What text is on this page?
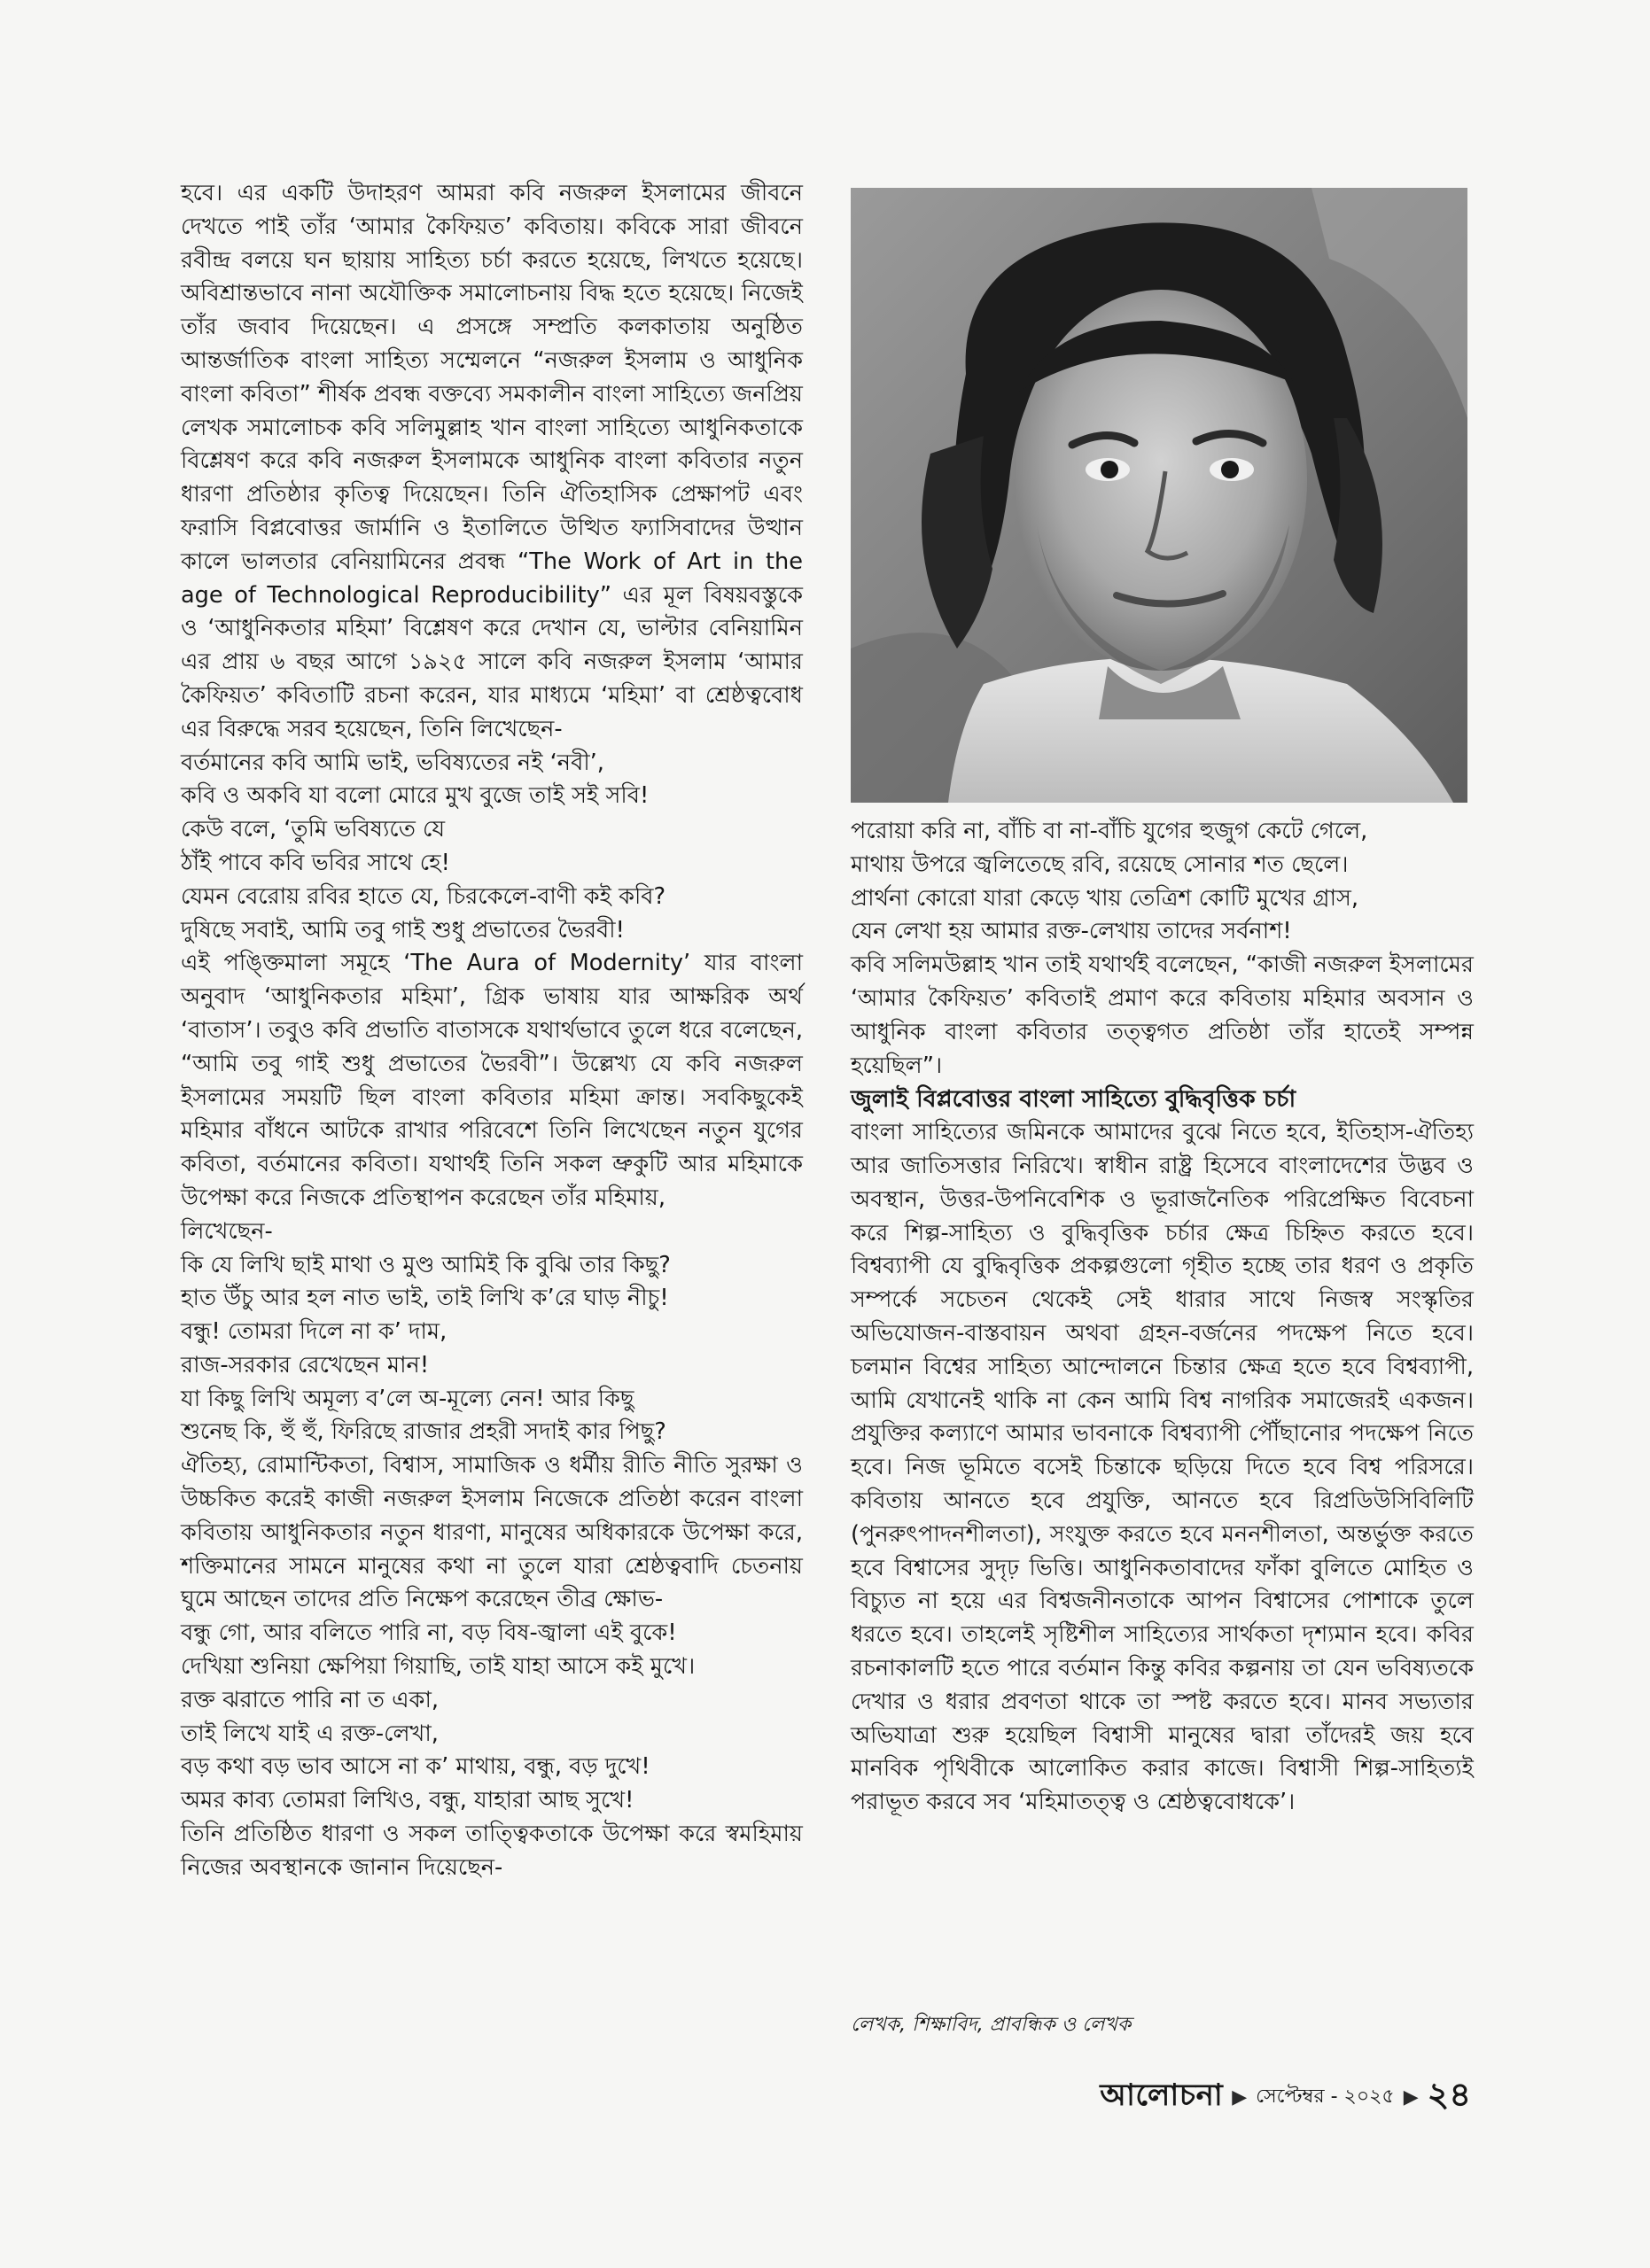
হবে। এর একটি উদাহরণ আমরা কবি নজরুল ইসলামের জীবনে দেখতে পাই তাঁর ‘আমার কৈফিয়ত’ কবিতায়। কবিকে সারা জীবনে রবীন্দ্র বলয়ে ঘন ছায়ায় সাহিত্য চর্চা করতে হয়েছে, লিখতে হয়েছে। অবিশ্রান্তভাবে নানা অযৌক্তিক সমালোচনায় বিদ্ধ হতে হয়েছে। নিজেই তাঁর জবাব দিয়েছেন। এ প্রসঙ্গে সম্প্রতি কলকাতায় অনুষ্ঠিত আন্তর্জাতিক বাংলা সাহিত্য সম্মেলনে “নজরুল ইসলাম ও আধুনিক বাংলা কবিতা” শীর্ষক প্রবন্ধ বক্তব্যে সমকালীন বাংলা সাহিত্যে জনপ্রিয় লেখক সমালোচক কবি সলিমুল্লাহ খান বাংলা সাহিত্যে আধুনিকতাকে বিশ্লেষণ করে কবি নজরুল ইসলামকে আধুনিক বাংলা কবিতার নতুন ধারণা প্রতিষ্ঠার কৃতিত্ব দিয়েছেন। তিনি ঐতিহাসিক প্রেক্ষাপট এবং ফরাসি বিপ্লবোত্তর জার্মানি ও ইতালিতে উত্থিত ফ্যাসিবাদের উত্থান কালে ভালতার বেনিয়ামিনের প্রবন্ধ “The Work of Art in the age of Technological Reproducibility” এর মূল বিষয়বস্তুকে ও ‘আধুনিকতার মহিমা’ বিশ্লেষণ করে দেখান যে, ভাল্টার বেনিয়ামিন এর প্রায় ৬ বছর আগে ১৯২৫ সালে কবি নজরুল ইসলাম ‘আমার কৈফিয়ত’ কবিতাটি রচনা করেন, যার মাধ্যমে ‘মহিমা’ বা শ্রেষ্ঠত্ববোধ এর বিরুদ্ধে সরব হয়েছেন, তিনি লিখেছেন-

বর্তমানের কবি আমি ভাই, ভবিষ্যতের নই ‘নবী’,

কবি ও অকবি যা বলো মোরে মুখ বুজে তাই সই সবি!

কেউ বলে, ‘তুমি ভবিষ্যতে যে

ঠাঁই পাবে কবি ভবির সাথে হে!

যেমন বেরোয় রবির হাতে যে, চিরকেলে-বাণী কই কবি?

দুষিছে সবাই, আমি তবু গাই শুধু প্রভাতের ভৈরবী!

এই পঙ্ক্তিমালা সমূহে ‘The Aura of Modernity’ যার বাংলা অনুবাদ ‘আধুনিকতার মহিমা’, গ্রিক ভাষায় যার আক্ষরিক অর্থ ‘বাতাস’। তবুও কবি প্রভাতি বাতাসকে যথার্থভাবে তুলে ধরে বলেছেন, “আমি তবু গাই শুধু প্রভাতের ভৈরবী”। উল্লেখ্য যে কবি নজরুল ইসলামের সময়টি ছিল বাংলা কবিতার মহিমা ক্রান্ত। সবকিছুকেই মহিমার বাঁধনে আটকে রাখার পরিবেশে তিনি লিখেছেন নতুন যুগের কবিতা, বর্তমানের কবিতা। যথার্থই তিনি সকল ভ্রুকুটি আর মহিমাকে উপেক্ষা করে নিজকে প্রতিস্থাপন করেছেন তাঁর মহিমায়,

লিখেছেন-

কি যে লিখি ছাই মাথা ও মুণ্ড আমিই কি বুঝি তার কিছু?

হাত উঁচু আর হল নাত ভাই, তাই লিখি ক’রে ঘাড় নীচু!

বন্ধু! তোমরা দিলে না ক’ দাম,

রাজ-সরকার রেখেছেন মান!

যা কিছু লিখি অমূল্য ব’লে অ-মূল্যে নেন! আর কিছু

শুনেছ কি, হুঁ হুঁ, ফিরিছে রাজার প্রহরী সদাই কার পিছু?

ঐতিহ্য, রোমান্টিকতা, বিশ্বাস, সামাজিক ও ধর্মীয় রীতি নীতি সুরক্ষা ও উচ্চকিত করেই কাজী নজরুল ইসলাম নিজেকে প্রতিষ্ঠা করেন বাংলা কবিতায় আধুনিকতার নতুন ধারণা, মানুষের অধিকারকে উপেক্ষা করে, শক্তিমানের সামনে মানুষের কথা না তুলে যারা শ্রেষ্ঠত্ববাদি চেতনায় ঘুমে আছেন তাদের প্রতি নিক্ষেপ করেছেন তীব্র ক্ষোভ-

বন্ধু গো, আর বলিতে পারি না, বড় বিষ-জ্বালা এই বুকে!

দেখিয়া শুনিয়া ক্ষেপিয়া গিয়াছি, তাই যাহা আসে কই মুখে।

রক্ত ঝরাতে পারি না ত একা,

তাই লিখে যাই এ রক্ত-লেখা,

বড় কথা বড় ভাব আসে না ক’ মাথায়, বন্ধু, বড় দুখে!

অমর কাব্য তোমরা লিখিও, বন্ধু, যাহারা আছ সুখে!

তিনি প্রতিষ্ঠিত ধারণা ও সকল তাত্ত্বিকতাকে উপেক্ষা করে স্বমহিমায় নিজের অবস্থানকে জানান দিয়েছেন-

পরোয়া করি না, বাঁচি বা না-বাঁচি যুগের হুজুগ কেটে গেলে,

মাথায় উপরে জ্বলিতেছে রবি, রয়েছে সোনার শত ছেলে।

প্রার্থনা কোরো যারা কেড়ে খায় তেত্রিশ কোটি মুখের গ্রাস,

যেন লেখা হয় আমার রক্ত-লেখায় তাদের সর্বনাশ!

কবি সলিমউল্লাহ খান তাই যথার্থই বলেছেন, “কাজী নজরুল ইসলামের ‘আমার কৈফিয়ত’ কবিতাই প্রমাণ করে কবিতায় মহিমার অবসান ও আধুনিক বাংলা কবিতার তত্ত্বগত প্রতিষ্ঠা তাঁর হাতেই সম্পন্ন হয়েছিল”।

জুলাই বিপ্লবোত্তর বাংলা সাহিত্যে বুদ্ধিবৃত্তিক চর্চা

বাংলা সাহিত্যের জমিনকে আমাদের বুঝে নিতে হবে, ইতিহাস-ঐতিহ্য আর জাতিসত্তার নিরিখে। স্বাধীন রাষ্ট্র হিসেবে বাংলাদেশের উদ্ভব ও অবস্থান, উত্তর-উপনিবেশিক ও ভূরাজনৈতিক পরিপ্রেক্ষিত বিবেচনা করে শিল্প-সাহিত্য ও বুদ্ধিবৃত্তিক চর্চার ক্ষেত্র চিহ্নিত করতে হবে। বিশ্বব্যাপী যে বুদ্ধিবৃত্তিক প্রকল্পগুলো গৃহীত হচ্ছে তার ধরণ ও প্রকৃতি সম্পর্কে সচেতন থেকেই সেই ধারার সাথে নিজস্ব সংস্কৃতির অভিযোজন-বাস্তবায়ন অথবা গ্রহন-বর্জনের পদক্ষেপ নিতে হবে। চলমান বিশ্বের সাহিত্য আন্দোলনে চিন্তার ক্ষেত্র হতে হবে বিশ্বব্যাপী, আমি যেখানেই থাকি না কেন আমি বিশ্ব নাগরিক সমাজেরই একজন। প্রযুক্তির কল্যাণে আমার ভাবনাকে বিশ্বব্যাপী পৌঁছানোর পদক্ষেপ নিতে হবে। নিজ ভূমিতে বসেই চিন্তাকে ছড়িয়ে দিতে হবে বিশ্ব পরিসরে। কবিতায় আনতে হবে প্রযুক্তি, আনতে হবে রিপ্রডিউসিবিলিটি (পুনরুৎপাদনশীলতা), সংযুক্ত করতে হবে মননশীলতা, অন্তর্ভুক্ত করতে হবে বিশ্বাসের সুদৃঢ় ভিত্তি। আধুনিকতাবাদের ফাঁকা বুলিতে মোহিত ও বিচ্যুত না হয়ে এর বিশ্বজনীনতাকে আপন বিশ্বাসের পোশাকে তুলে ধরতে হবে। তাহলেই সৃষ্টিশীল সাহিত্যের সার্থকতা দৃশ্যমান হবে। কবির রচনাকালটি হতে পারে বর্তমান কিন্তু কবির কল্পনায় তা যেন ভবিষ্যতকে দেখার ও ধরার প্রবণতা থাকে তা স্পষ্ট করতে হবে। মানব সভ্যতার অভিযাত্রা শুরু হয়েছিল বিশ্বাসী মানুষের দ্বারা তাঁদেরই জয় হবে মানবিক পৃথিবীকে আলোকিত করার কাজে। বিশ্বাসী শিল্প-সাহিত্যই পরাভূত করবে সব ‘মহিমাতত্ত্ব ও শ্রেষ্ঠত্ববোধকে’।

লেখক, শিক্ষাবিদ, প্রাবন্ধিক ও লেখক
আলোচনা ▶ সেপ্টেম্বর - ২০২৫ ▶ ২৪
